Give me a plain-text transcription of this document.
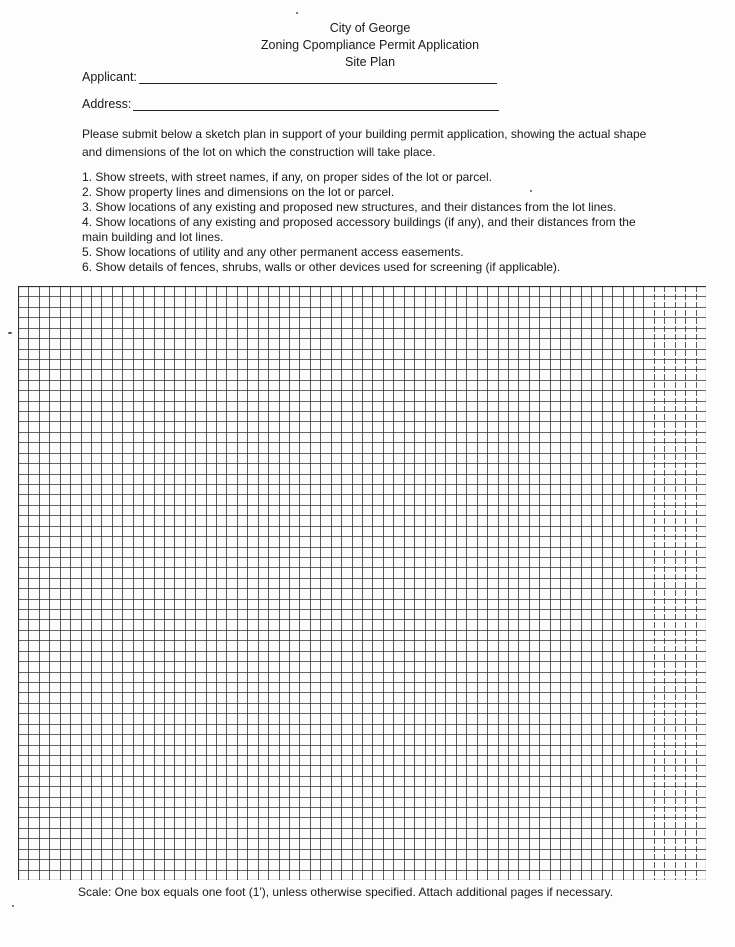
City of George
Zoning Cpompliance Permit Application
Site Plan
Applicant:
Address:
Please submit below a sketch plan in support of your building permit application, showing the actual shape and dimensions of the lot on which the construction will take place.
1. Show streets, with street names, if any, on proper sides of the lot or parcel.
2. Show property lines and dimensions on the lot or parcel.
3. Show locations of any existing and proposed new structures, and their distances from the lot lines.
4. Show locations of any existing and proposed accessory buildings (if any), and their distances from the main building and lot lines.
5. Show locations of utility and any other permanent access easements.
6. Show details of fences, shrubs, walls or other devices used for screening (if applicable).
Scale: One box equals one foot (1'), unless otherwise specified. Attach additional pages if necessary.
